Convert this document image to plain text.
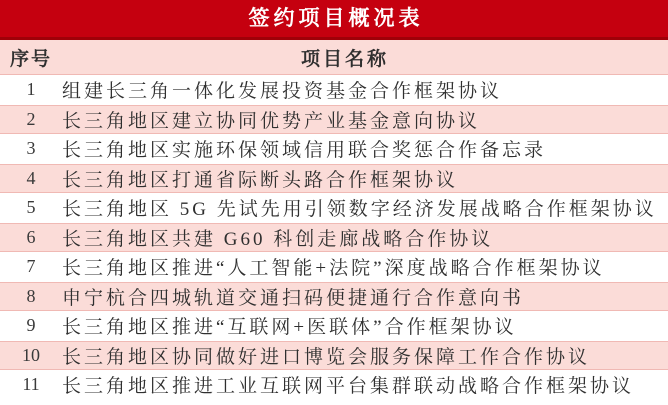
签约项目概况表
序号	项目名称
1	组建长三角一体化发展投资基金合作框架协议
2	长三角地区建立协同优势产业基金意向协议
3	长三角地区实施环保领域信用联合奖惩合作备忘录
4	长三角地区打通省际断头路合作框架协议
5	长三角地区 5G 先试先用引领数字经济发展战略合作框架协议
6	长三角地区共建 G60 科创走廊战略合作协议
7	长三角地区推进“人工智能+法院”深度战略合作框架协议
8	申宁杭合四城轨道交通扫码便捷通行合作意向书
9	长三角地区推进“互联网+医联体”合作框架协议
10	长三角地区协同做好进口博览会服务保障工作合作协议
11	长三角地区推进工业互联网平台集群联动战略合作框架协议
